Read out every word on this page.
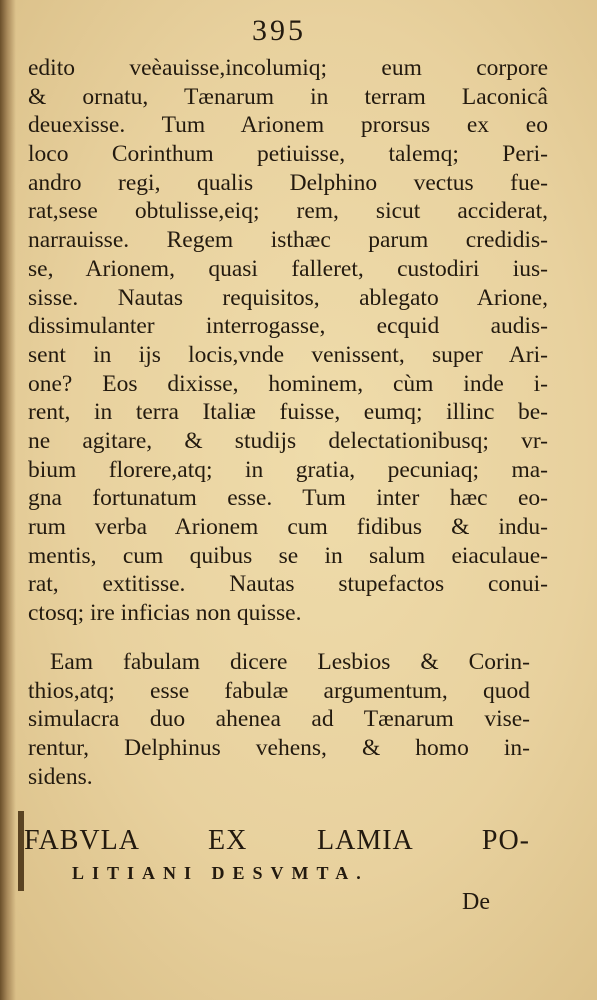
395
edito veèauisse,incolumiq; eum corpore
& ornatu, Tænarum in terram Laconicâ
deuexisse. Tum Arionem prorsus ex eo
loco Corinthum petiuisse, talemq; Peri-
andro regi, qualis Delphino vectus fue-
rat,sese obtulisse,eiq; rem, sicut acciderat,
narrauisse. Regem isthæc parum credidis-
se, Arionem, quasi falleret, custodiri ius-
sisse. Nautas requisitos, ablegato Arione,
dissimulanter interrogasse, ecquid audis-
sent in ijs locis,vnde venissent, super Ari-
one? Eos dixisse, hominem, cùm inde i-
rent, in terra Italiæ fuisse, eumq; illinc be-
ne agitare, & studijs delectationibusq; vr-
bium florere,atq; in gratia, pecuniaq; ma-
gna fortunatum esse. Tum inter hæc eo-
rum verba Arionem cum fidibus & indu-
mentis, cum quibus se in salum eiaculaue-
rat, extitisse. Nautas stupefactos conui-
ctosq; ire inficias non quisse.
Eam fabulam dicere Lesbios & Corin-
thios,atq; esse fabulæ argumentum, quod
simulacra duo ahenea ad Tænarum vise-
rentur, Delphinus vehens, & homo in-
sidens.
FABVLA EX LAMIA PO-
LITIANI DESVMTA.
De
